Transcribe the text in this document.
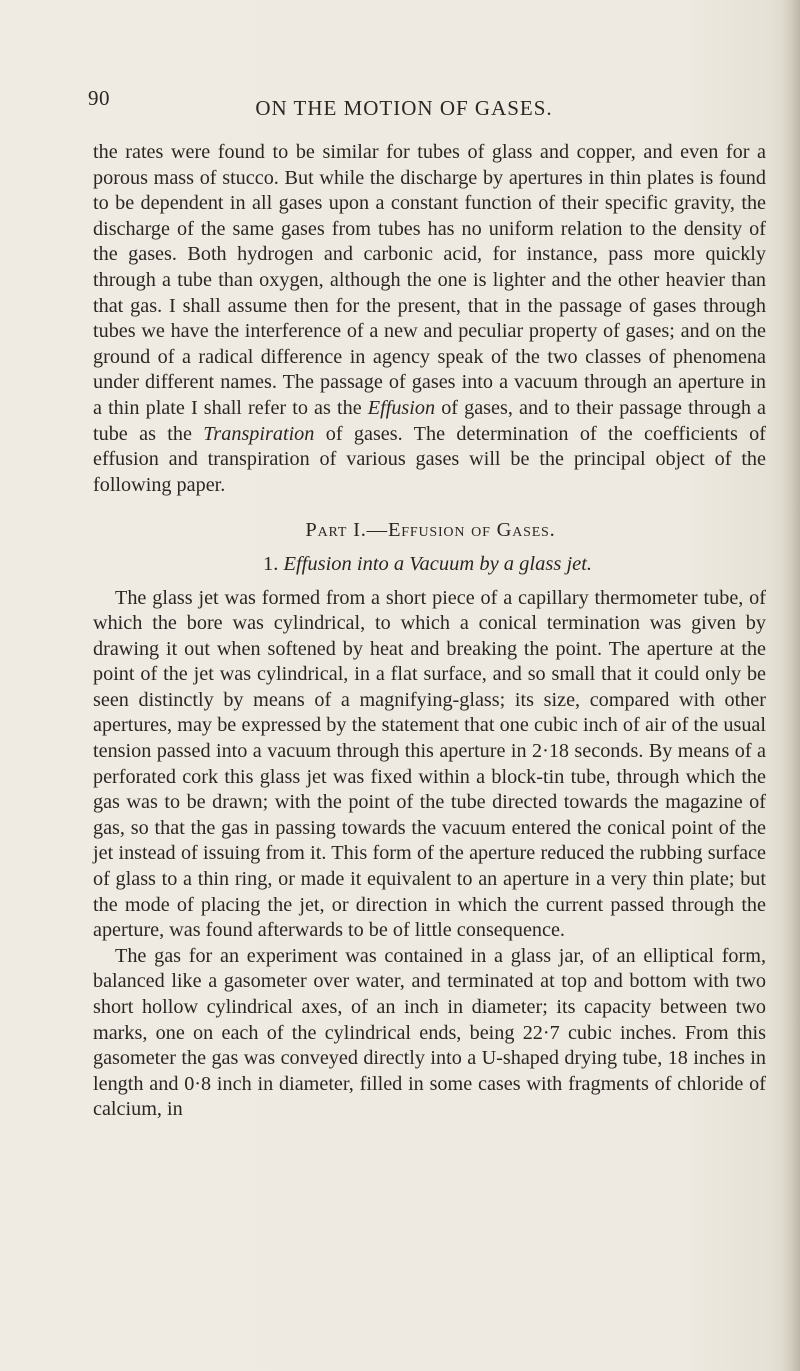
90	ON THE MOTION OF GASES.

the rates were found to be similar for tubes of glass and copper, and even for a porous mass of stucco. But while the discharge by apertures in thin plates is found to be dependent in all gases upon a constant function of their specific gravity, the discharge of the same gases from tubes has no uniform relation to the density of the gases. Both hydrogen and carbonic acid, for instance, pass more quickly through a tube than oxygen, although the one is lighter and the other heavier than that gas. I shall assume then for the present, that in the passage of gases through tubes we have the interference of a new and peculiar property of gases; and on the ground of a radical difference in agency speak of the two classes of phenomena under different names. The passage of gases into a vacuum through an aperture in a thin plate I shall refer to as the Effusion of gases, and to their passage through a tube as the Transpiration of gases. The determination of the coefficients of effusion and transpiration of various gases will be the principal object of the following paper.

Part I.—Effusion of Gases.
1. Effusion into a Vacuum by a glass jet.

The glass jet was formed from a short piece of a capillary thermometer tube, of which the bore was cylindrical, to which a conical termination was given by drawing it out when softened by heat and breaking the point. The aperture at the point of the jet was cylindrical, in a flat surface, and so small that it could only be seen distinctly by means of a magnifying-glass; its size, compared with other apertures, may be expressed by the statement that one cubic inch of air of the usual tension passed into a vacuum through this aperture in 2·18 seconds. By means of a perforated cork this glass jet was fixed within a block-tin tube, through which the gas was to be drawn; with the point of the tube directed towards the magazine of gas, so that the gas in passing towards the vacuum entered the conical point of the jet instead of issuing from it. This form of the aperture reduced the rubbing surface of glass to a thin ring, or made it equivalent to an aperture in a very thin plate; but the mode of placing the jet, or direction in which the current passed through the aperture, was found afterwards to be of little consequence.

The gas for an experiment was contained in a glass jar, of an elliptical form, balanced like a gasometer over water, and terminated at top and bottom with two short hollow cylindrical axes, of an inch in diameter; its capacity between two marks, one on each of the cylindrical ends, being 22·7 cubic inches. From this gasometer the gas was conveyed directly into a U-shaped drying tube, 18 inches in length and 0·8 inch in diameter, filled in some cases with fragments of chloride of calcium, in
